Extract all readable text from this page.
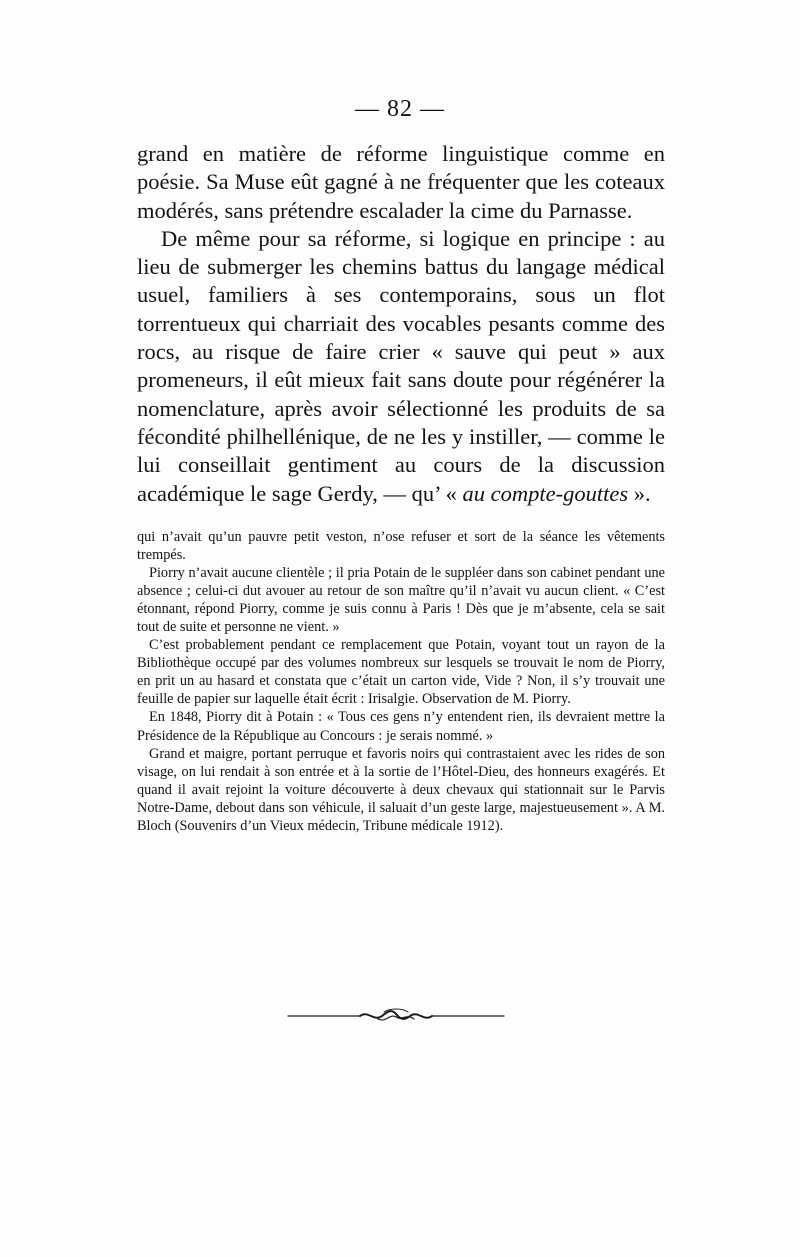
— 82 —

grand en matière de réforme linguistique comme en poésie. Sa Muse eût gagné à ne fréquenter que les coteaux modérés, sans prétendre escalader la cime du Parnasse.

De même pour sa réforme, si logique en principe : au lieu de submerger les chemins battus du langage médical usuel, familiers à ses contemporains, sous un flot torrentueux qui charriait des vocables pesants comme des rocs, au risque de faire crier « sauve qui peut » aux promeneurs, il eût mieux fait sans doute pour régénérer la nomenclature, après avoir sélectionné les produits de sa fécondité philhellénique, de ne les y instiller, — comme le lui conseillait gentiment au cours de la discussion académique le sage Gerdy, — qu’ « au compte-gouttes ».

qui n’avait qu’un pauvre petit veston, n’ose refuser et sort de la séance les vêtements trempés.

Piorry n’avait aucune clientèle ; il pria Potain de le suppléer dans son cabinet pendant une absence ; celui-ci dut avouer au retour de son maître qu’il n’avait vu aucun client. « C’est étonnant, répond Piorry, comme je suis connu à Paris ! Dès que je m’absente, cela se sait tout de suite et personne ne vient. »

C’est probablement pendant ce remplacement que Potain, voyant tout un rayon de la Bibliothèque occupé par des volumes nombreux sur lesquels se trouvait le nom de Piorry, en prit un au hasard et constata que c’était un carton vide, Vide ? Non, il s’y trouvait une feuille de papier sur laquelle était écrit : Irisalgie. Observation de M. Piorry.

En 1848, Piorry dit à Potain : « Tous ces gens n’y entendent rien, ils devraient mettre la Présidence de la République au Concours : je serais nommé. »

Grand et maigre, portant perruque et favoris noirs qui contrastaient avec les rides de son visage, on lui rendait à son entrée et à la sortie de l’Hôtel-Dieu, des honneurs exagérés. Et quand il avait rejoint la voiture découverte à deux chevaux qui stationnait sur le Parvis Notre-Dame, debout dans son véhicule, il saluait d’un geste large, majestueusement ». A M. Bloch (Souvenirs d’un Vieux médecin, Tribune médicale 1912).
